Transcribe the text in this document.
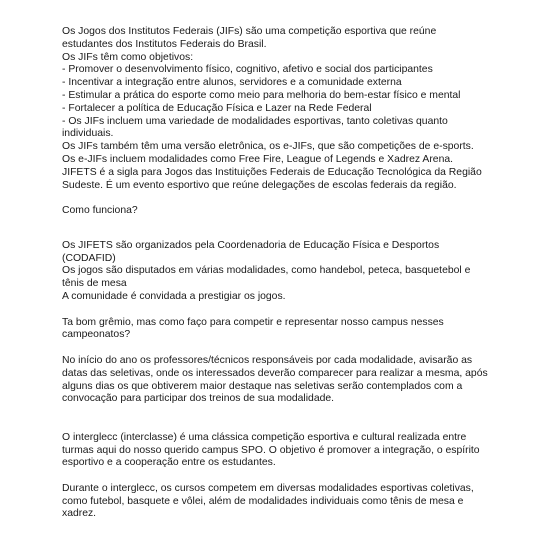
Os Jogos dos Institutos Federais (JIFs) são uma competição esportiva que reúne
estudantes dos Institutos Federais do Brasil.
Os JIFs têm como objetivos:
- Promover o desenvolvimento físico, cognitivo, afetivo e social dos participantes
- Incentivar a integração entre alunos, servidores e a comunidade externa
- Estimular a prática do esporte como meio para melhoria do bem-estar físico e mental
- Fortalecer a política de Educação Física e Lazer na Rede Federal
- Os JIFs incluem uma variedade de modalidades esportivas, tanto coletivas quanto
individuais.
Os JIFs também têm uma versão eletrônica, os e-JIFs, que são competições de e-sports.
Os e-JIFs incluem modalidades como Free Fire, League of Legends e Xadrez Arena.
JIFETS é a sigla para Jogos das Instituições Federais de Educação Tecnológica da Região
Sudeste. É um evento esportivo que reúne delegações de escolas federais da região.
Como funciona?
Os JIFETS são organizados pela Coordenadoria de Educação Física e Desportos
(CODAFID)
Os jogos são disputados em várias modalidades, como handebol, peteca, basquetebol e
tênis de mesa
A comunidade é convidada a prestigiar os jogos.
Ta bom grêmio, mas como faço para competir e representar nosso campus nesses
campeonatos?
No início do ano os professores/técnicos responsáveis por cada modalidade, avisarão as
datas das seletivas, onde os interessados deverão comparecer para realizar a mesma, após
alguns dias os que obtiverem maior destaque nas seletivas serão contemplados com a
convocação para participar dos treinos de sua modalidade.
O interglecc (interclasse) é uma clássica competição esportiva e cultural realizada entre
turmas aqui do nosso querido campus SPO. O objetivo é promover a integração, o espírito
esportivo e a cooperação entre os estudantes.
Durante o interglecc, os cursos competem em diversas modalidades esportivas coletivas,
como futebol, basquete e vôlei, além de modalidades individuais como tênis de mesa e
xadrez.
